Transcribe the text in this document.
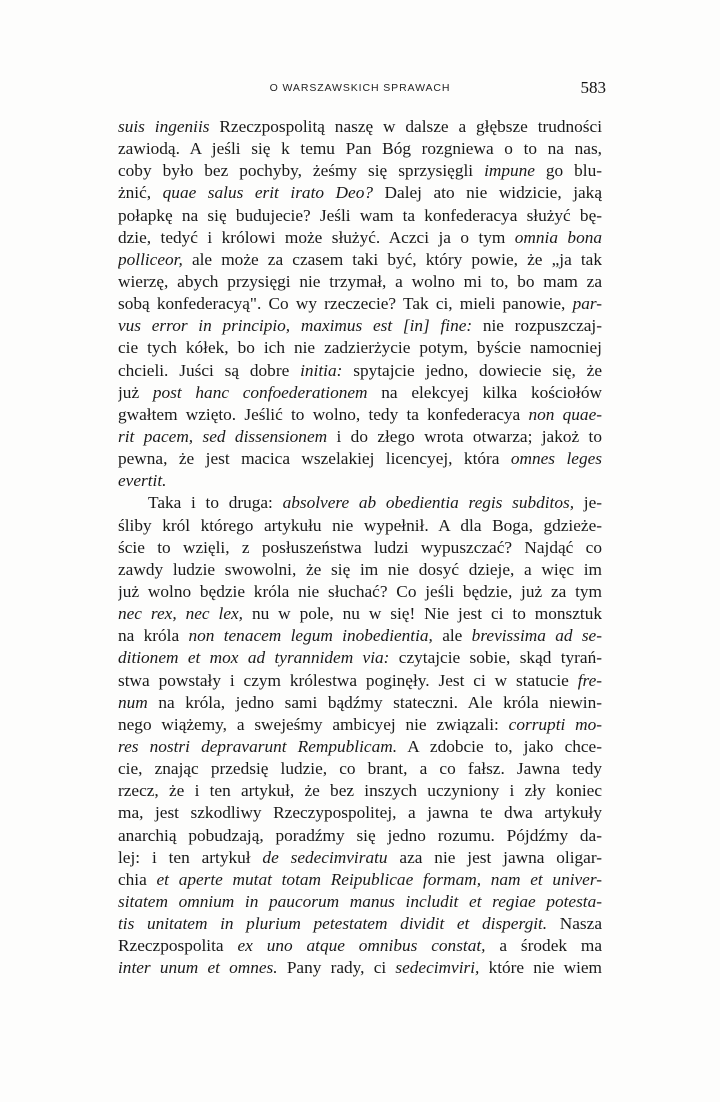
O WARSZAWSKICH SPRAWACH	583
suis ingeniis Rzeczpospolitą naszę w dalsze a głębsze trudności
zawiodą. A jeśli się k temu Pan Bóg rozgniewa o to na nas,
coby było bez pochyby, żeśmy się sprzysięgli impune go blu-
żnić, quae salus erit irato Deo? Dalej ato nie widzicie, jaką
połapkę na się budujecie? Jeśli wam ta konfederacya służyć bę-
dzie, tedyć i królowi może służyć. Aczci ja o tym omnia bona
polliceor, ale może za czasem taki być, który powie, że „ja tak
wierzę, abych przysięgi nie trzymał, a wolno mi to, bo mam za
sobą konfederacyą". Co wy rzeczecie? Tak ci, mieli panowie, par-
vus error in principio, maximus est [in] fine: nie rozpuszczaj-
cie tych kółek, bo ich nie zadzierżycie potym, byście namocniej
chcieli. Juści są dobre initia: spytajcie jedno, dowiecie się, że
już post hanc confoederationem na elekcyej kilka kościołów
gwałtem wzięto. Jeślić to wolno, tedy ta konfederacya non quae-
rit pacem, sed dissensionem i do złego wrota otwarza; jakoż to
pewna, że jest macica wszelakiej licencyej, która omnes leges
evertit.
Taka i to druga: absolvere ab obedientia regis subditos, je-
śliby król którego artykułu nie wypełnił. A dla Boga, gdzieże-
ście to wzięli, z posłuszeństwa ludzi wypuszczać? Najdąć co
zawdy ludzie swowolni, że się im nie dosyć dzieje, a więc im
już wolno będzie króla nie słuchać? Co jeśli będzie, już za tym
nec rex, nec lex, nu w pole, nu w się! Nie jest ci to monsztuk
na króla non tenacem legum inobedientia, ale brevissima ad se-
ditionem et mox ad tyrannidem via: czytajcie sobie, skąd tyrań-
stwa powstały i czym królestwa poginęły. Jest ci w statucie fre-
num na króla, jedno sami bądźmy stateczni. Ale króla niewin-
nego wiążemy, a swejeśmy ambicyej nie związali: corrupti mo-
res nostri depravarunt Rempublicam. A zdobcie to, jako chce-
cie, znając przedsię ludzie, co brant, a co fałsz. Jawna tedy
rzecz, że i ten artykuł, że bez inszych uczyniony i zły koniec
ma, jest szkodliwy Rzeczypospolitej, a jawna te dwa artykuły
anarchią pobudzają, poradźmy się jedno rozumu. Pójdźmy da-
lej: i ten artykuł de sedecimviratu aza nie jest jawna oligar-
chia et aperte mutat totam Reipublicae formam, nam et univer-
sitatem omnium in paucorum manus includit et regiae potesta-
tis unitatem in plurium petestatem dividit et dispergit. Nasza
Rzeczpospolita ex uno atque omnibus constat, a środek ma
inter unum et omnes. Pany rady, ci sedecimviri, które nie wiem
